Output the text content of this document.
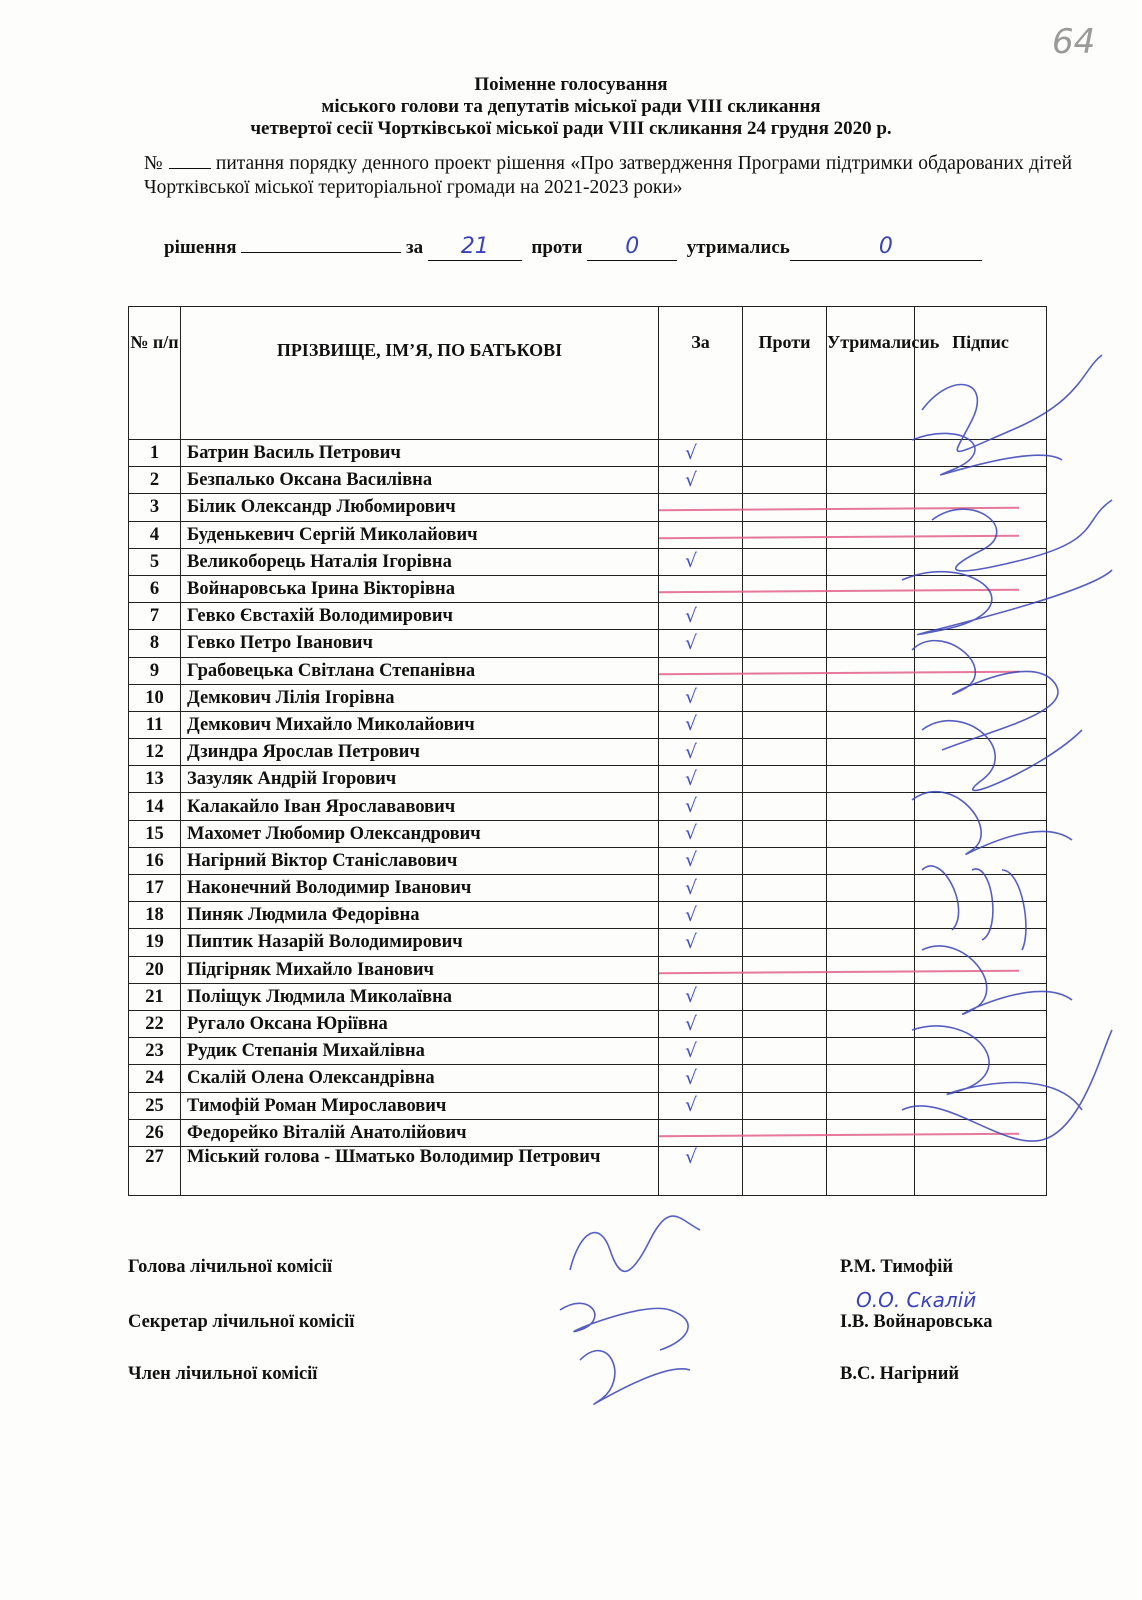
64
Поіменне голосування
міського голови та депутатів міської ради VIII скликання
четвертої сесії Чортківської міської ради VIII скликання 24 грудня 2020 р.
№	питання порядку денного проект рішення «Про затвердження Програми підтримки обдарованих дітей Чортківської міської територіальної громади на 2021-2023 роки»
рішення	за 21 проти 0	утримались	0
№ п/п	ПРІЗВИЩЕ, ІМ’Я, ПО БАТЬКОВІ	За	Проти	Утрималисиь	Підпис
1	Батрин Василь Петрович	√			
2	Безпалько Оксана Василівна	√			
3	Білик Олександр Любомирович	

4	Буденькевич Сергій Миколайович	

5	Великоборець Наталія Ігорівна	√			
6	Войнаровська Ірина Вікторівна	

7	Гевко Євстахій Володимирович	√			
8	Гевко Петро Іванович	√			
9	Грабовецька Світлана Степанівна	

10	Демкович Лілія Ігорівна	√			
11	Демкович Михайло Миколайович	√			
12	Дзиндра Ярослав Петрович	√			
13	Зазуляк Андрій Ігорович	√			
14	Калакайло Іван Ярослававович	√			
15	Махомет Любомир Олександрович	√			
16	Нагірний Віктор Станіславович	√			
17	Наконечний Володимир Іванович	√			
18	Пиняк Людмила Федорівна	√			
19	Пиптик Назарій Володимирович	√			
20	Підгірняк Михайло Іванович	

21	Поліщук Людмила Миколаївна	√			
22	Ругало Оксана Юріївна	√			
23	Рудик Степанія Михайлівна	√			
24	Скалій Олена Олександрівна	√			
25	Тимофій Роман Мирославович	√			
26	Федорейко Віталій Анатолійович	

27	Міський голова - Шматько Володимир Петрович	√			
Голова лічильної комісії	Р.М. Тимофій
Секретар лічильної комісії	І.В. Войнаровська
Член лічильної комісії	В.С. Нагірний
О.О. Скалій
